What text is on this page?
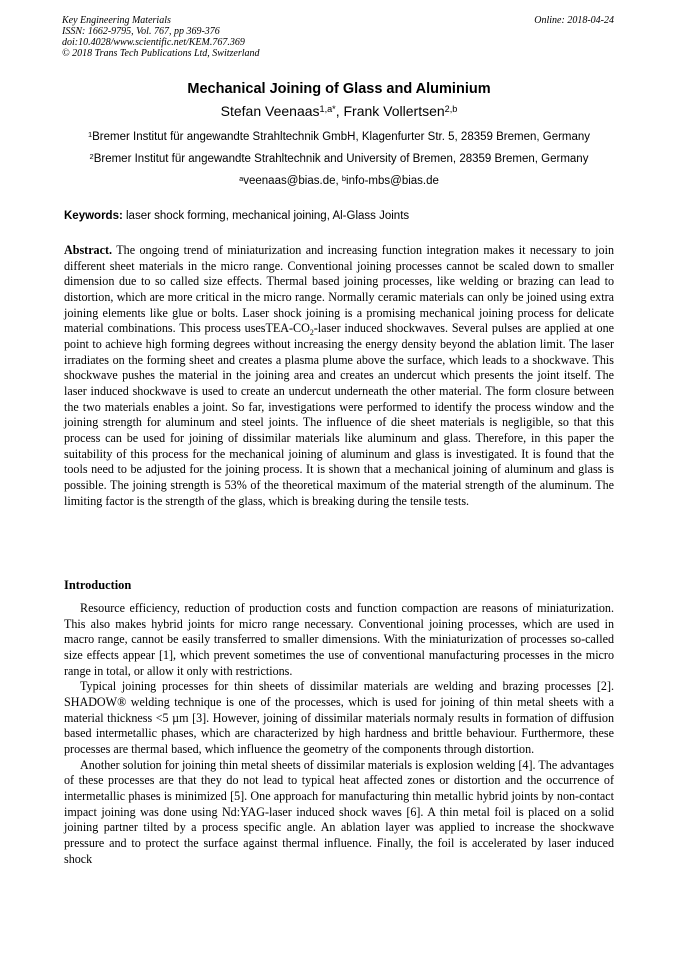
Key Engineering Materials
ISSN: 1662-9795, Vol. 767, pp 369-376
doi:10.4028/www.scientific.net/KEM.767.369
© 2018 Trans Tech Publications Ltd, Switzerland
Online: 2018-04-24
Mechanical Joining of Glass and Aluminium
Stefan Veenaas$^{1,a*}$, Frank Vollertsen$^{2,b}$
$^1$Bremer Institut für angewandte Strahltechnik GmbH, Klagenfurter Str. 5, 28359 Bremen, Germany
$^2$Bremer Institut für angewandte Strahltechnik and University of Bremen, 28359 Bremen, Germany
$^a$veenaas@bias.de, $^b$info-mbs@bias.de
Keywords: laser shock forming, mechanical joining, Al-Glass Joints
Abstract. The ongoing trend of miniaturization and increasing function integration makes it necessary to join different sheet materials in the micro range. Conventional joining processes cannot be scaled down to smaller dimension due to so called size effects. Thermal based joining processes, like welding or brazing can lead to distortion, which are more critical in the micro range. Normally ceramic materials can only be joined using extra joining elements like glue or bolts. Laser shock joining is a promising mechanical joining process for delicate material combinations. This process usesTEA-$CO_2$-laser induced shockwaves. Several pulses are applied at one point to achieve high forming degrees without increasing the energy density beyond the ablation limit. The laser irradiates on the forming sheet and creates a plasma plume above the surface, which leads to a shockwave. This shockwave pushes the material in the joining area and creates an undercut which presents the joint itself. The laser induced shockwave is used to create an undercut underneath the other material. The form closure between the two materials enables a joint. So far, investigations were performed to identify the process window and the joining strength for aluminum and steel joints. The influence of die sheet materials is negligible, so that this process can be used for joining of dissimilar materials like aluminum and glass. Therefore, in this paper the suitability of this process for the mechanical joining of aluminum and glass is investigated. It is found that the tools need to be adjusted for the joining process. It is shown that a mechanical joining of aluminum and glass is possible. The joining strength is 53% of the theoretical maximum of the material strength of the aluminum. The limiting factor is the strength of the glass, which is breaking during the tensile tests.
Introduction

Resource efficiency, reduction of production costs and function compaction are reasons of miniaturization. This also makes hybrid joints for micro range necessary. Conventional joining processes, which are used in macro range, cannot be easily transferred to smaller dimensions. With the miniaturization of processes so-called size effects appear [1], which prevent sometimes the use of conventional manufacturing processes in the micro range in total, or allow it only with restrictions.

Typical joining processes for thin sheets of dissimilar materials are welding and brazing processes [2]. SHADOW® welding technique is one of the processes, which is used for joining of thin metal sheets with a material thickness <5 µm [3]. However, joining of dissimilar materials normaly results in formation of diffusion based intermetallic phases, which are characterized by high hardness and brittle behaviour. Furthermore, these processes are thermal based, which influence the geometry of the components through distortion.

Another solution for joining thin metal sheets of dissimilar materials is explosion welding [4]. The advantages of these processes are that they do not lead to typical heat affected zones or distortion and the occurrence of intermetallic phases is minimized [5]. One approach for manufacturing thin metallic hybrid joints by non-contact impact joining was done using Nd:YAG-laser induced shock waves [6]. A thin metal foil is placed on a solid joining partner tilted by a process specific angle. An ablation layer was applied to increase the shockwave pressure and to protect the surface against thermal influence. Finally, the foil is accelerated by laser induced shock
